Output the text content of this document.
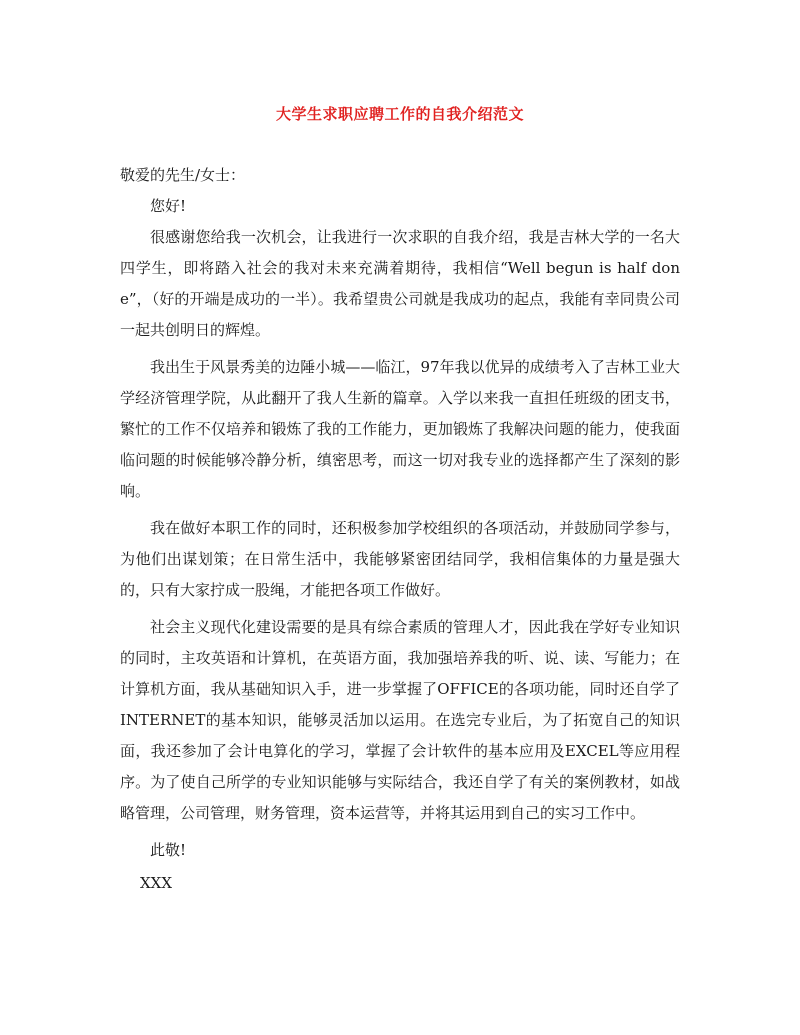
大学生求职应聘工作的自我介绍范文
敬爱的先生/女士：
您好!
很感谢您给我一次机会，让我进行一次求职的自我介绍，我是吉林大学的一名大四学生，即将踏入社会的我对未来充满着期待，我相信“Well begun is half done”，（好的开端是成功的一半）。我希望贵公司就是我成功的起点，我能有幸同贵公司一起共创明日的辉煌。
我出生于风景秀美的边陲小城——临江，97年我以优异的成绩考入了吉林工业大学经济管理学院，从此翻开了我人生新的篇章。入学以来我一直担任班级的团支书，繁忙的工作不仅培养和锻炼了我的工作能力，更加锻炼了我解决问题的能力，使我面临问题的时候能够冷静分析，缜密思考，而这一切对我专业的选择都产生了深刻的影响。
我在做好本职工作的同时，还积极参加学校组织的各项活动，并鼓励同学参与，为他们出谋划策；在日常生活中，我能够紧密团结同学，我相信集体的力量是强大的，只有大家拧成一股绳，才能把各项工作做好。
社会主义现代化建设需要的是具有综合素质的管理人才，因此我在学好专业知识的同时，主攻英语和计算机，在英语方面，我加强培养我的听、说、读、写能力；在计算机方面，我从基础知识入手，进一步掌握了OFFICE的各项功能，同时还自学了INTERNET的基本知识，能够灵活加以运用。在选完专业后，为了拓宽自己的知识面，我还参加了会计电算化的学习，掌握了会计软件的基本应用及EXCEL等应用程序。为了使自己所学的专业知识能够与实际结合，我还自学了有关的案例教材，如战略管理，公司管理，财务管理，资本运营等，并将其运用到自己的实习工作中。
此敬!
XXX
